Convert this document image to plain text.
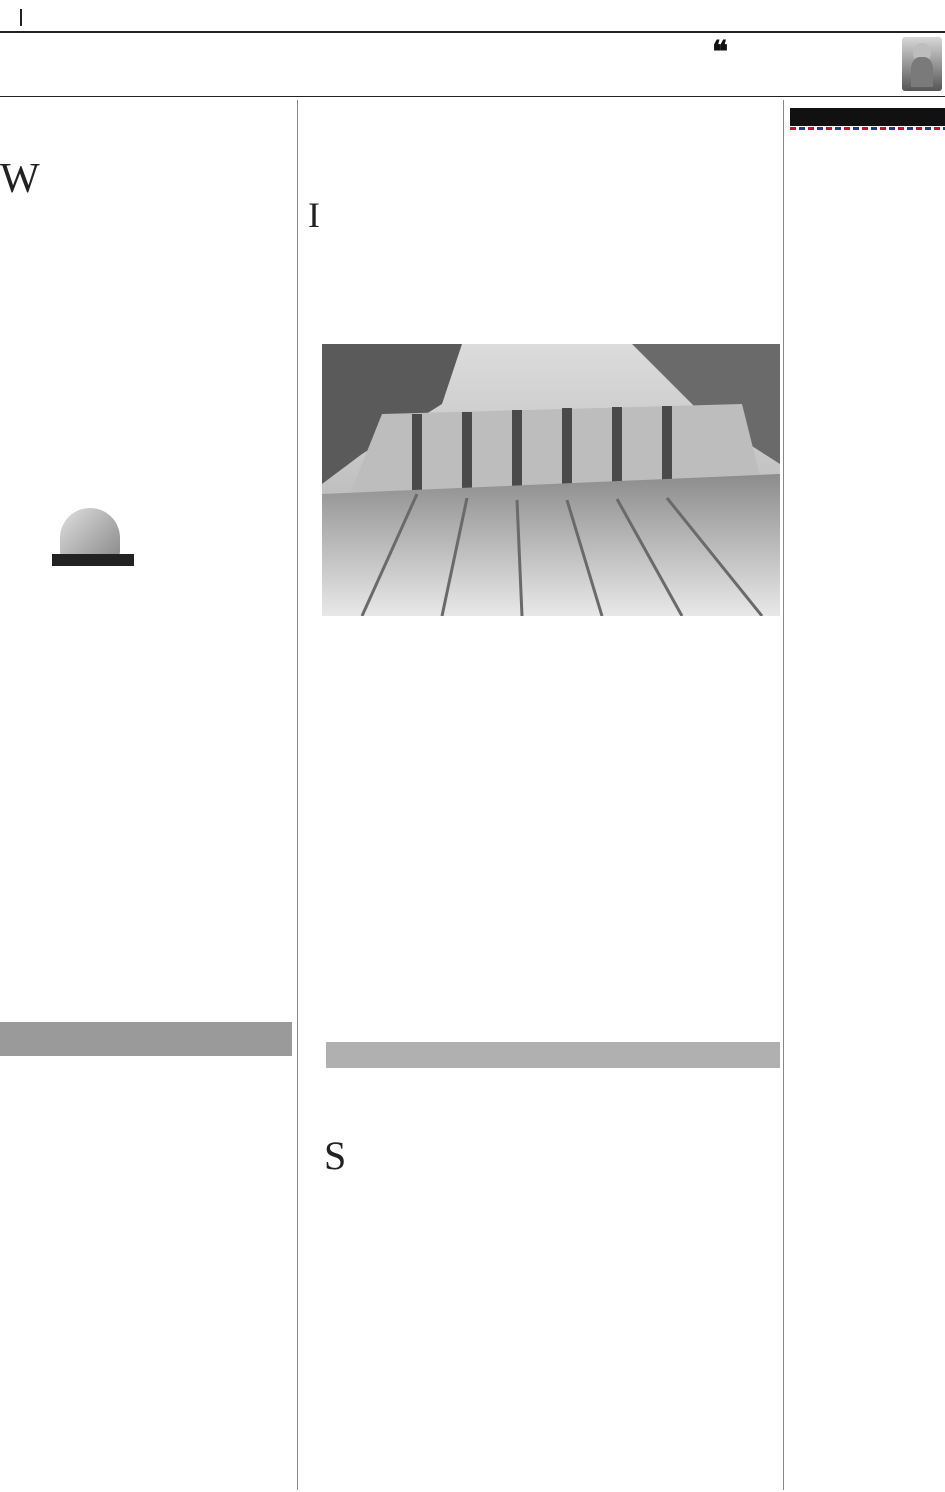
❝
W

I
S
